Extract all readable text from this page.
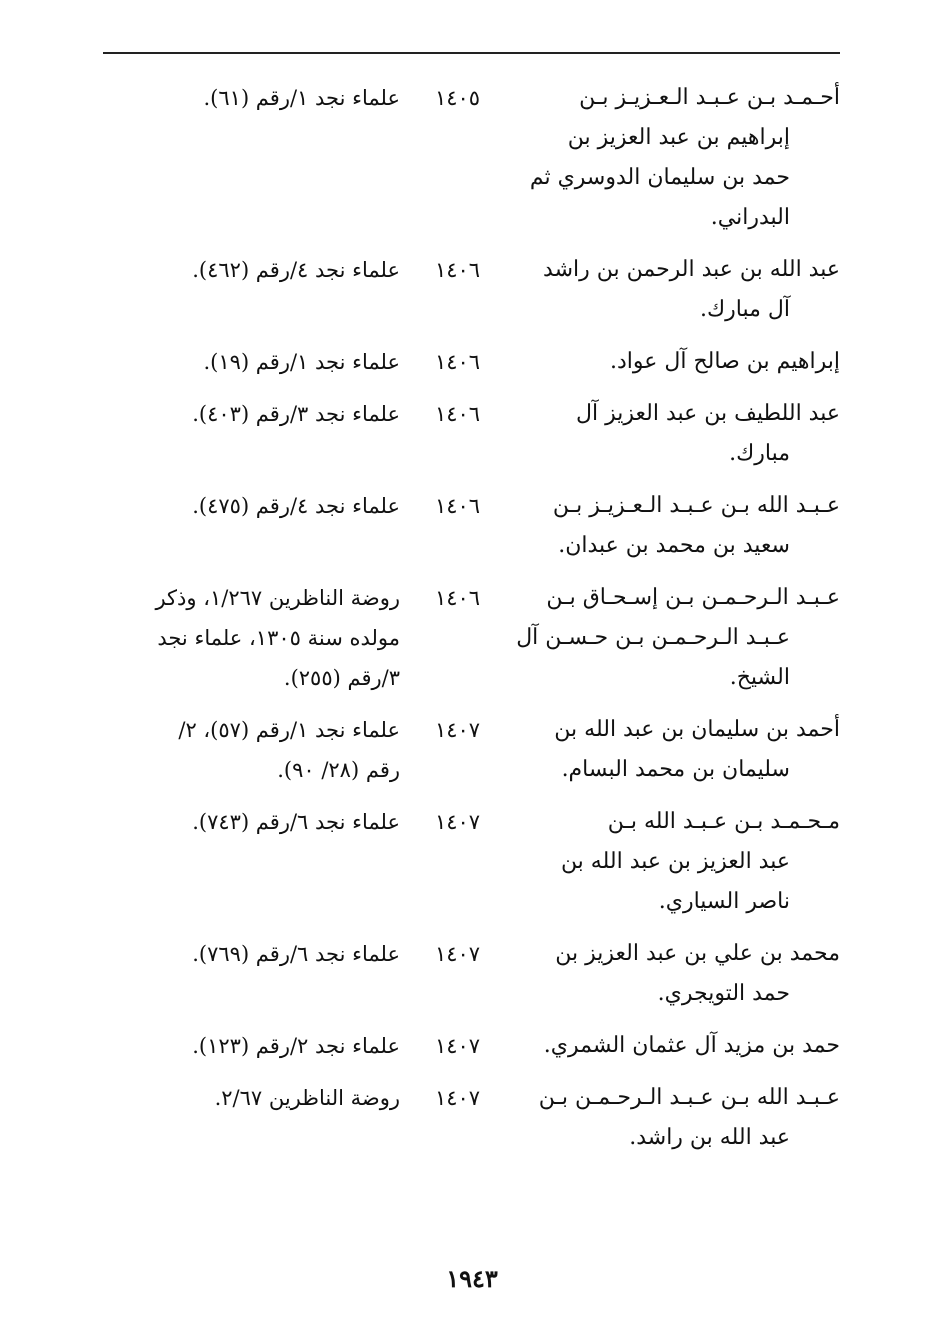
أحـمـد بـن عـبـد الـعـزيـز بـن
إبراهيم بن عبد العزيز بن
حمد بن سليمان الدوسري ثم
البدراني.
١٤٠٥
علماء نجد ١/رقم (٦١).
عبد الله بن عبد الرحمن بن راشد
آل مبارك.
١٤٠٦
علماء نجد ٤/رقم (٤٦٢).
إبراهيم بن صالح آل عواد.
١٤٠٦
علماء نجد ١/رقم (١٩).
عبد اللطيف بن عبد العزيز آل
مبارك.
١٤٠٦
علماء نجد ٣/رقم (٤٠٣).
عـبـد الله بـن عـبـد الـعـزيـز بـن
سعيد بن محمد بن عبدان.
١٤٠٦
علماء نجد ٤/رقم (٤٧٥).
عـبـد الـرحـمـن بـن إسـحـاق بـن
عـبـد الـرحـمـن بـن حـسـن آل
الشيخ.
١٤٠٦
روضة الناظرين ١/٢٦٧، وذكر
مولده سنة ١٣٠٥، علماء نجد
٣/رقم (٢٥٥).
أحمد بن سليمان بن عبد الله بن
سليمان بن محمد البسام.
١٤٠٧
علماء نجد ١/رقم (٥٧)، ٢/
رقم (٢٨/ ٩٠).
مـحـمـد بـن عـبـد الله بـن
عبد العزيز بن عبد الله بن
ناصر السياري.
١٤٠٧
علماء نجد ٦/رقم (٧٤٣).
محمد بن علي بن عبد العزيز بن
حمد التويجري.
١٤٠٧
علماء نجد ٦/رقم (٧٦٩).
حمد بن مزيد آل عثمان الشمري.
١٤٠٧
علماء نجد ٢/رقم (١٢٣).
عـبـد الله بـن عـبـد الـرحـمـن بـن
عبد الله بن راشد.
١٤٠٧
روضة الناظرين ٢/٦٧.
١٩٤٣
